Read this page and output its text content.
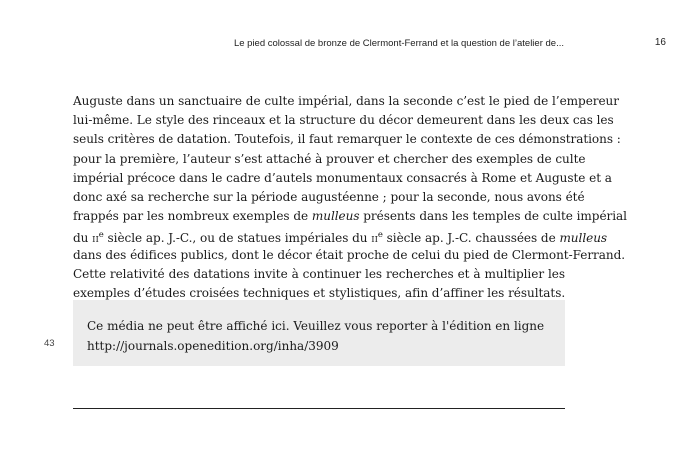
Le pied colossal de bronze de Clermont-Ferrand et la question de l’atelier de...	16
Auguste dans un sanctuaire de culte impérial, dans la seconde c’est le pied de l’empereur
lui-même. Le style des rinceaux et la structure du décor demeurent dans les deux cas les
seuls critères de datation. Toutefois, il faut remarquer le contexte de ces démonstrations :
pour la première, l’auteur s’est attaché à prouver et chercher des exemples de culte
impérial précoce dans le cadre d’autels monumentaux consacrés à Rome et Auguste et a
donc axé sa recherche sur la période augustéenne ; pour la seconde, nous avons été
frappés par les nombreux exemples de mulleus présents dans les temples de culte impérial
du IIe siècle ap. J.-C., ou de statues impériales du IIe siècle ap. J.-C. chaussées de mulleus
dans des édifices publics, dont le décor était proche de celui du pied de Clermont-Ferrand.
Cette relativité des datations invite à continuer les recherches et à multiplier les
exemples d’études croisées techniques et stylistiques, afin d’affiner les résultats.
Ce média ne peut être affiché ici. Veuillez vous reporter à l'édition en ligne http://journals.openedition.org/inha/3909
43
